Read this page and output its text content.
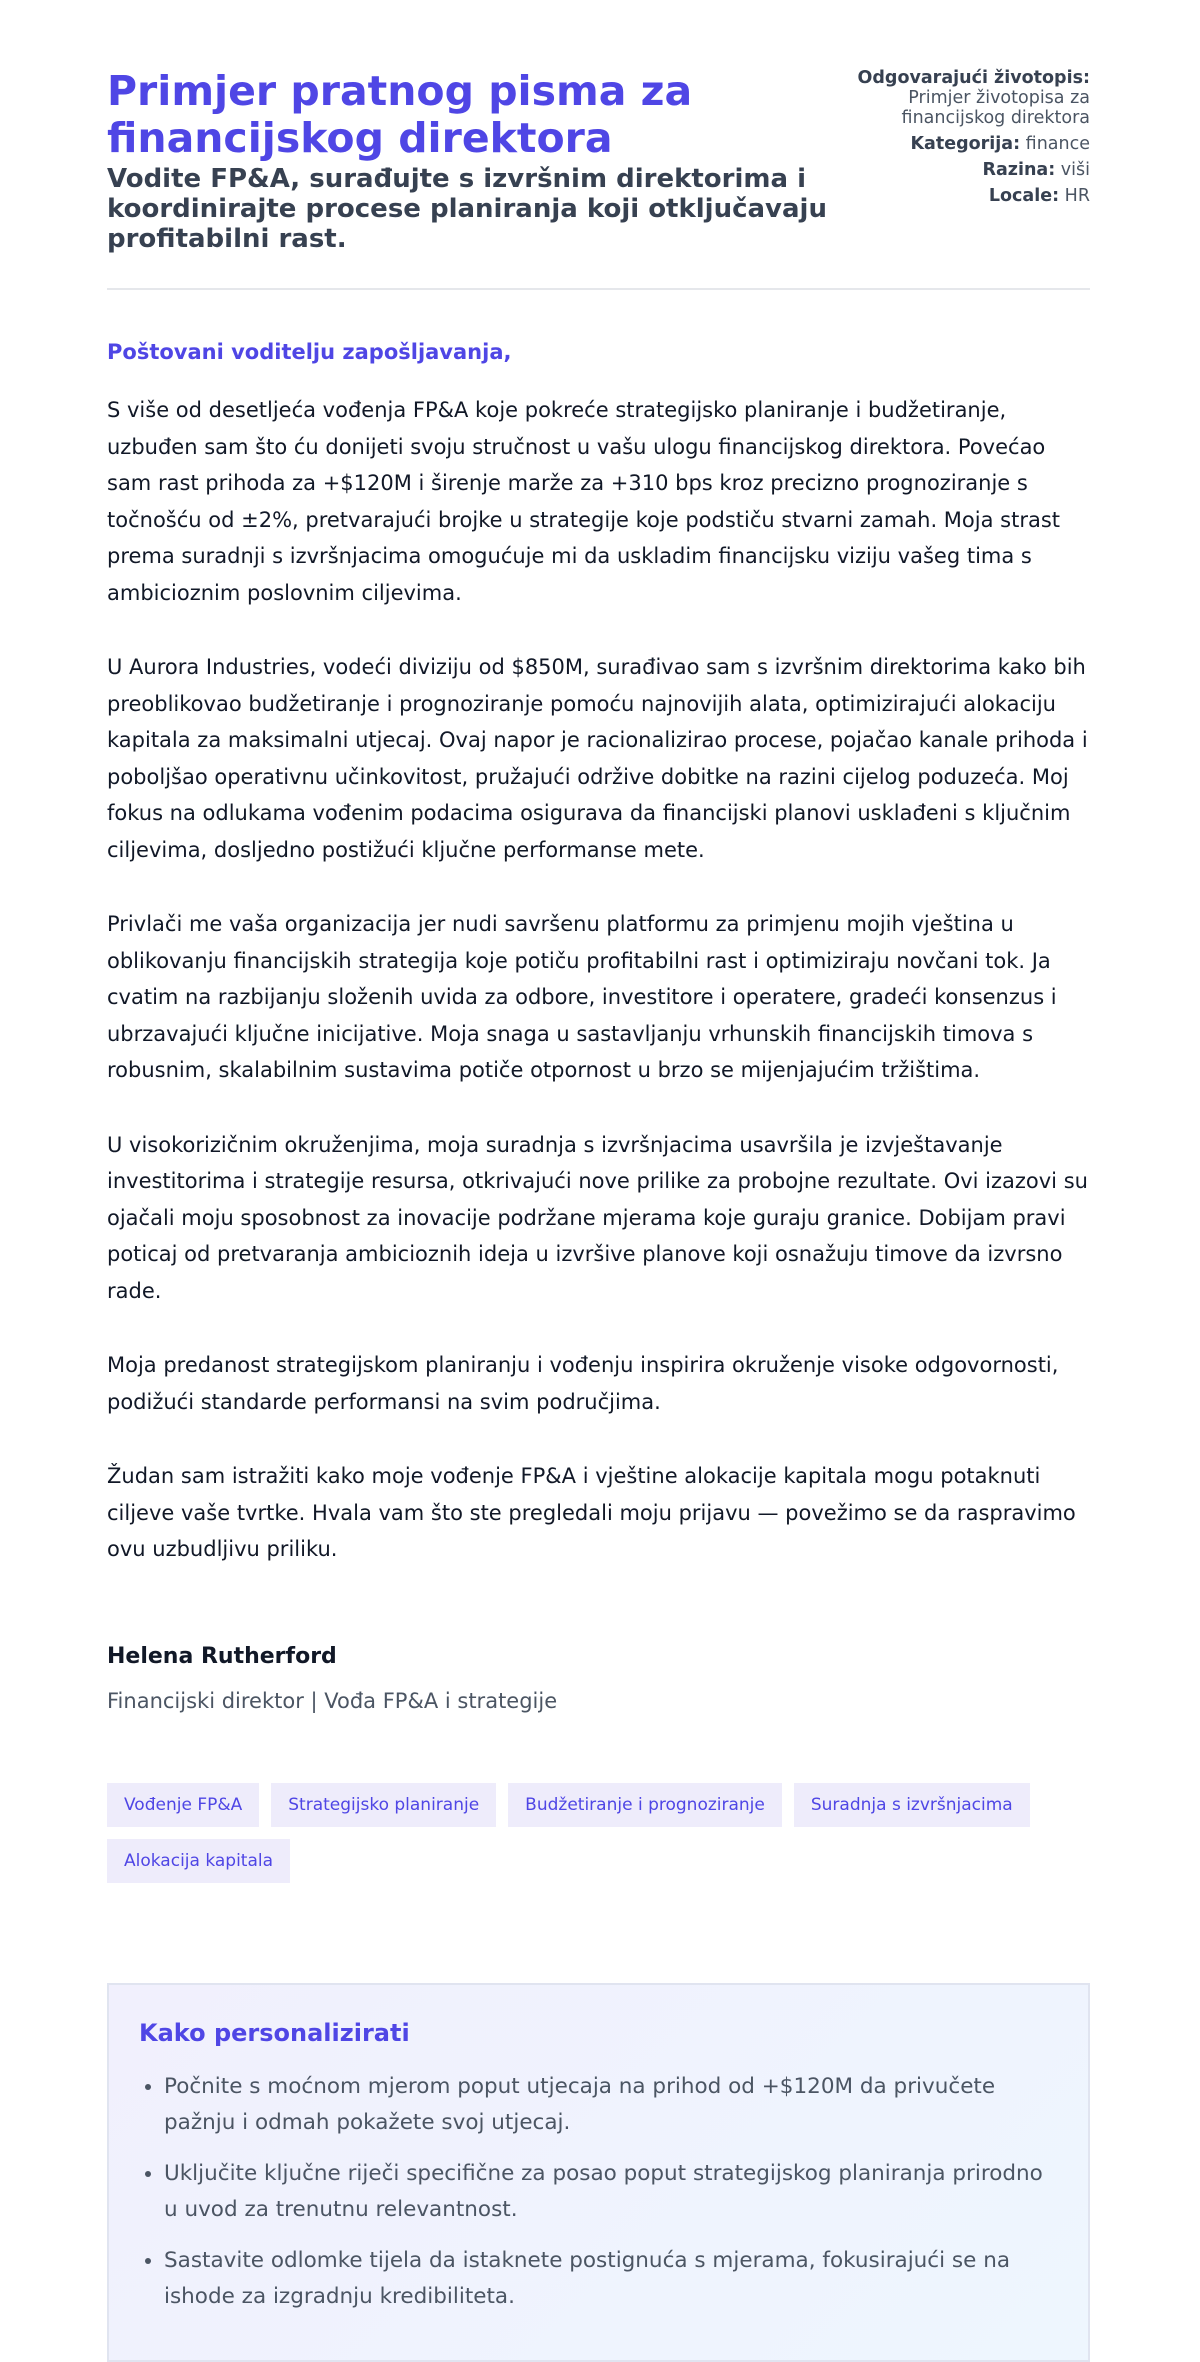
Primjer pratnog pisma za financijskog direktora
Vodite FP&A, surađujte s izvršnim direktorima i koordinirajte procese planiranja koji otključavaju profitabilni rast.
Odgovarajući životopis:
Primjer životopisa za financijskog direktora
Kategorija: finance
Razina: viši
Locale: HR
Poštovani voditelju zapošljavanja,

S više od desetljeća vođenja FP&A koje pokreće strategijsko planiranje i budžetiranje, uzbuđen sam što ću donijeti svoju stručnost u vašu ulogu financijskog direktora. Povećao sam rast prihoda za +$120M i širenje marže za +310 bps kroz precizno prognoziranje s točnošću od ±2%, pretvarajući brojke u strategije koje podstiču stvarni zamah. Moja strast prema suradnji s izvršnjacima omogućuje mi da uskladim financijsku viziju vašeg tima s ambicioznim poslovnim ciljevima.

U Aurora Industries, vodeći diviziju od $850M, surađivao sam s izvršnim direktorima kako bih preoblikovao budžetiranje i prognoziranje pomoću najnovijih alata, optimizirajući alokaciju kapitala za maksimalni utjecaj. Ovaj napor je racionalizirao procese, pojačao kanale prihoda i poboljšao operativnu učinkovitost, pružajući održive dobitke na razini cijelog poduzeća. Moj fokus na odlukama vođenim podacima osigurava da financijski planovi usklađeni s ključnim ciljevima, dosljedno postižući ključne performanse mete.

Privlači me vaša organizacija jer nudi savršenu platformu za primjenu mojih vještina u oblikovanju financijskih strategija koje potiču profitabilni rast i optimiziraju novčani tok. Ja cvatim na razbijanju složenih uvida za odbore, investitore i operatere, gradeći konsenzus i ubrzavajući ključne inicijative. Moja snaga u sastavljanju vrhunskih financijskih timova s robusnim, skalabilnim sustavima potiče otpornost u brzo se mijenjajućim tržištima.

U visokorizičnim okruženjima, moja suradnja s izvršnjacima usavršila je izvještavanje investitorima i strategije resursa, otkrivajući nove prilike za probojne rezultate. Ovi izazovi su ojačali moju sposobnost za inovacije podržane mjerama koje guraju granice. Dobijam pravi poticaj od pretvaranja ambicioznih ideja u izvršive planove koji osnažuju timove da izvrsno rade.

Moja predanost strategijskom planiranju i vođenju inspirira okruženje visoke odgovornosti, podižući standarde performansi na svim područjima.

Žudan sam istražiti kako moje vođenje FP&A i vještine alokacije kapitala mogu potaknuti ciljeve vaše tvrtke. Hvala vam što ste pregledali moju prijavu — povežimo se da raspravimo ovu uzbudljivu priliku.

Helena Rutherford
Financijski direktor | Vođa FP&A i strategije
Vođenje FP&A	Strategijsko planiranje	Budžetiranje i prognoziranje	Suradnja s izvršnjacima
Alokacija kapitala
Kako personalizirati
• Počnite s moćnom mjerom poput utjecaja na prihod od +$120M da privučete pažnju i odmah pokažete svoj utjecaj.
• Uključite ključne riječi specifične za posao poput strategijskog planiranja prirodno u uvod za trenutnu relevantnost.
• Sastavite odlomke tijela da istaknete postignuća s mjerama, fokusirajući se na ishode za izgradnju kredibiliteta.
